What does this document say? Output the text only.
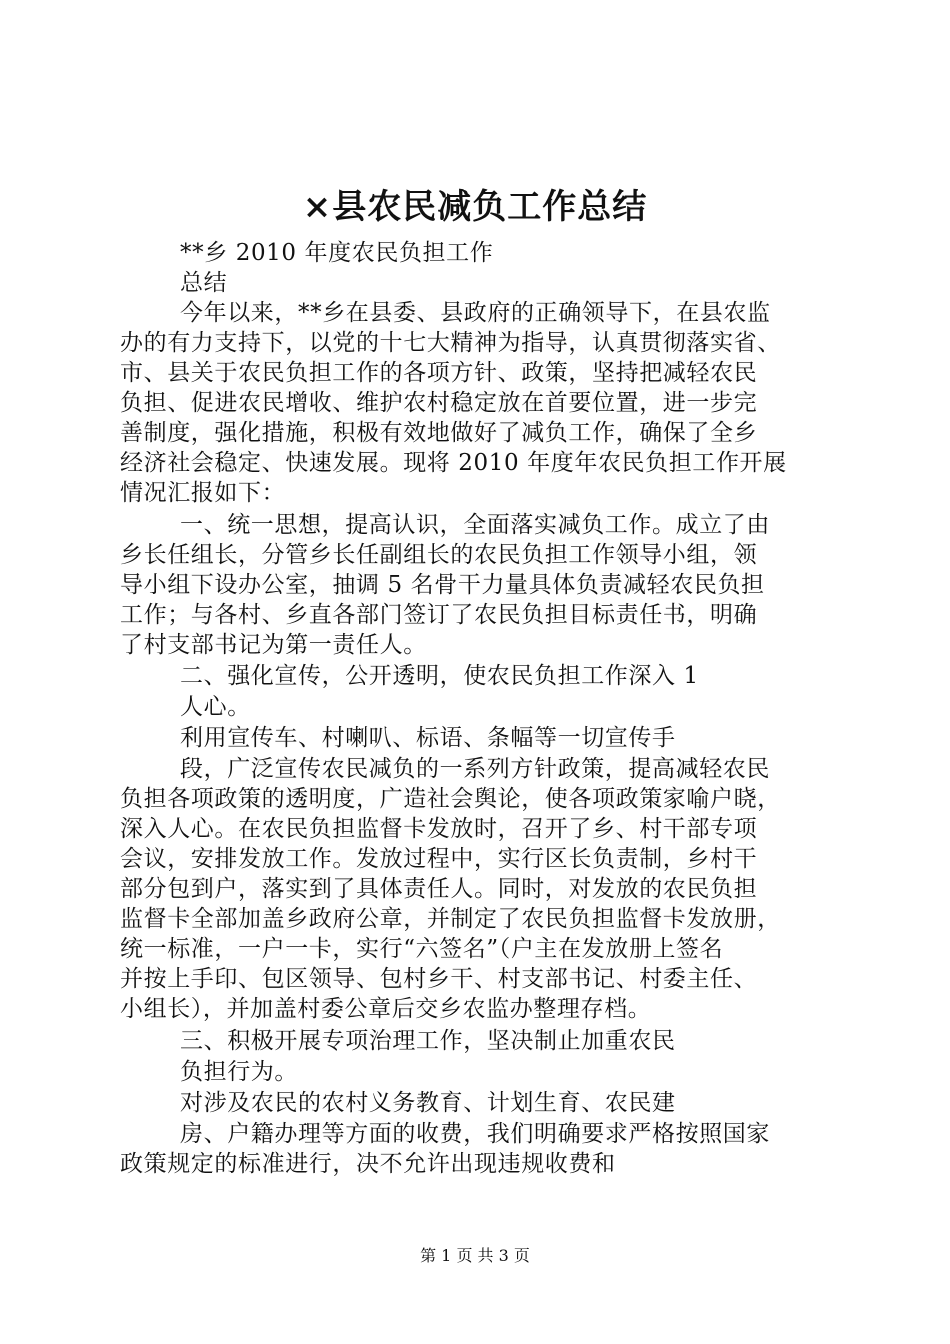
×县农民减负工作总结
**乡 2010 年度农民负担工作
总结
今年以来，**乡在县委、县政府的正确领导下，在县农监
办的有力支持下，以党的十七大精神为指导，认真贯彻落实省、
市、县关于农民负担工作的各项方针、政策，坚持把减轻农民
负担、促进农民增收、维护农村稳定放在首要位置，进一步完
善制度，强化措施，积极有效地做好了减负工作，确保了全乡
经济社会稳定、快速发展。现将 2010 年度年农民负担工作开展
情况汇报如下：
一、统一思想，提高认识，全面落实减负工作。成立了由
乡长任组长，分管乡长任副组长的农民负担工作领导小组，领
导小组下设办公室，抽调 5 名骨干力量具体负责减轻农民负担
工作；与各村、乡直各部门签订了农民负担目标责任书，明确
了村支部书记为第一责任人。
二、强化宣传，公开透明，使农民负担工作深入 1
人心。
利用宣传车、村喇叭、标语、条幅等一切宣传手
段，广泛宣传农民减负的一系列方针政策，提高减轻农民
负担各项政策的透明度，广造社会舆论，使各项政策家喻户晓，
深入人心。在农民负担监督卡发放时，召开了乡、村干部专项
会议，安排发放工作。发放过程中，实行区长负责制，乡村干
部分包到户，落实到了具体责任人。同时，对发放的农民负担
监督卡全部加盖乡政府公章，并制定了农民负担监督卡发放册，
统一标准，一户一卡，实行“六签名”（户主在发放册上签名
并按上手印、包区领导、包村乡干、村支部书记、村委主任、
小组长），并加盖村委公章后交乡农监办整理存档。
三、积极开展专项治理工作，坚决制止加重农民
负担行为。
对涉及农民的农村义务教育、计划生育、农民建
房、户籍办理等方面的收费，我们明确要求严格按照国家
政策规定的标准进行，决不允许出现违规收费和
第 1 页 共 3 页
